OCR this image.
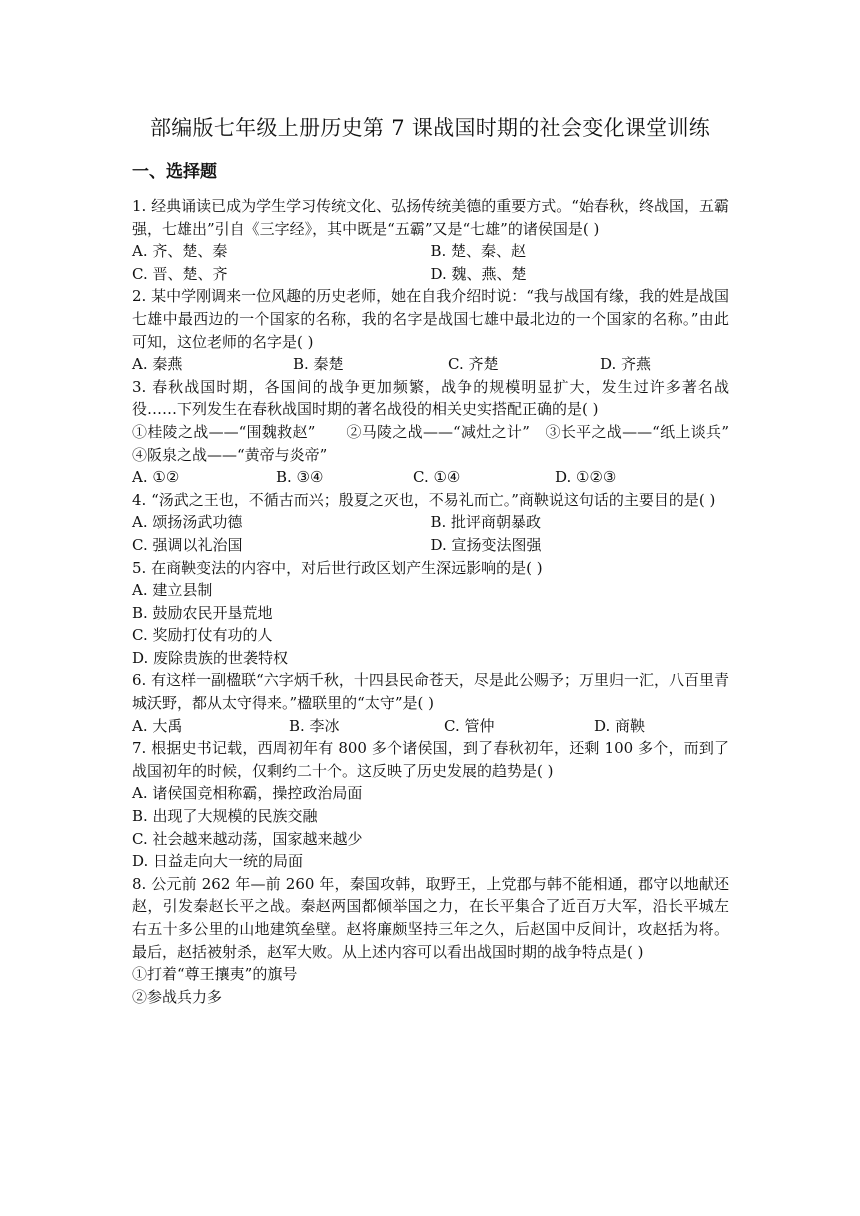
部编版七年级上册历史第 7 课战国时期的社会变化课堂训练
一、选择题
1. 经典诵读已成为学生学习传统文化、弘扬传统美德的重要方式。“始春秋，终战国，五霸强，七雄出”引自《三字经》，其中既是“五霸”又是“七雄”的诸侯国是( )
A. 齐、楚、秦	B. 楚、秦、赵
C. 晋、楚、齐	D. 魏、燕、楚
2. 某中学刚调来一位风趣的历史老师，她在自我介绍时说：“我与战国有缘，我的姓是战国七雄中最西边的一个国家的名称，我的名字是战国七雄中最北边的一个国家的名称。”由此可知，这位老师的名字是( )
A. 秦燕	B. 秦楚	C. 齐楚	D. 齐燕
3. 春秋战国时期，各国间的战争更加频繁，战争的规模明显扩大，发生过许多著名战役……下列发生在春秋战国时期的著名战役的相关史实搭配正确的是( )
①桂陵之战——“围魏救赵”　　②马陵之战——“减灶之计”　③长平之战——“纸上谈兵”　④阪泉之战——“黄帝与炎帝”
A. ①②	B. ③④	C. ①④	D. ①②③
4. “汤武之王也，不循古而兴；殷夏之灭也，不易礼而亡。”商鞅说这句话的主要目的是( )
A. 颂扬汤武功德	B. 批评商朝暴政
C. 强调以礼治国	D. 宣扬变法图强
5. 在商鞅变法的内容中，对后世行政区划产生深远影响的是( )
A. 建立县制
B. 鼓励农民开垦荒地
C. 奖励打仗有功的人
D. 废除贵族的世袭特权
6. 有这样一副楹联“六字炳千秋，十四县民命苍天，尽是此公赐予；万里归一汇，八百里青城沃野，都从太守得来。”楹联里的“太守”是( )
A. 大禹	B. 李冰	C. 管仲	D. 商鞅
7. 根据史书记载，西周初年有 800 多个诸侯国，到了春秋初年，还剩 100 多个，而到了战国初年的时候，仅剩约二十个。这反映了历史发展的趋势是( )
A. 诸侯国竞相称霸，操控政治局面
B. 出现了大规模的民族交融
C. 社会越来越动荡，国家越来越少
D. 日益走向大一统的局面
8. 公元前 262 年—前 260 年，秦国攻韩，取野王，上党郡与韩不能相通，郡守以地献还赵，引发秦赵长平之战。秦赵两国都倾举国之力，在长平集合了近百万大军，沿长平城左右五十多公里的山地建筑垒壁。赵将廉颇坚持三年之久，后赵国中反间计，攻赵括为将。最后，赵括被射杀，赵军大败。从上述内容可以看出战国时期的战争特点是( )
①打着“尊王攘夷”的旗号
②参战兵力多
